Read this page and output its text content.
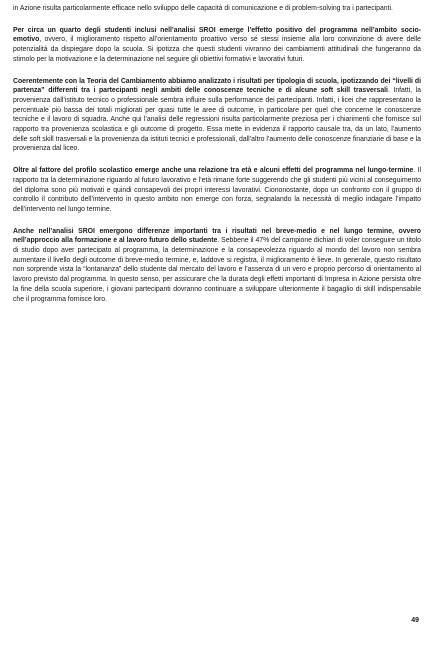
in Azione risulta particolarmente efficace nello sviluppo delle capacità di comunicazione e di problem-solving tra i partecipanti.

Per circa un quarto degli studenti inclusi nell’analisi SROI emerge l’effetto positivo del programma nell’ambito socio-emotivo, ovvero, il miglioramento rispetto all’orientamento proattivo verso sé stessi insieme alla loro convinzione di avere delle potenzialità da dispiegare dopo la scuola. Si ipotizza che questi studenti vivranno dei cambiamenti attitudinali che fungeranno da stimolo per la motivazione e la determinazione nel seguire gli obiettivi formativi e lavorativi futuri.

Coerentemente con la Teoria del Cambiamento abbiamo analizzato i risultati per tipologia di scuola, ipotizzando dei “livelli di partenza” differenti tra i partecipanti negli ambiti delle conoscenze tecniche e di alcune soft skill trasversali. Infatti, la provenienza dall’istituto tecnico o professionale sembra influire sulla performance dei partecipanti. Infatti, i licei che rappresentano la percentuale più bassa dei totali migliorati per quasi tutte le aree di outcome, in particolare per quel che concerne le conoscenze tecniche e il lavoro di squadra. Anche qui l’analisi delle regressioni risulta particolarmente preziosa per i chiarimenti che fornisce sul rapporto tra provenienza scolastica e gli outcome di progetto. Essa mette in evidenza il rapporto causale tra, da un lato, l’aumento delle soft skill trasversali e la provenienza da istituti tecnici e professionali, dall’altro l’aumento delle conoscenze finanziarie di base e la provenienza dal liceo.

Oltre al fattore del profilo scolastico emerge anche una relazione tra età e alcuni effetti del programma nel lungo-termine. Il rapporto tra la determinazione riguardo al futuro lavorativo e l’età rimane forte suggerendo che gli studenti più vicini al conseguimento del diploma sono più motivati e quindi consapevoli dei propri interessi lavorativi. Ciononostante, dopo un confronto con il gruppo di controllo il contributo dell’intervento in questo ambito non emerge con forza, segnalando la necessità di meglio indagare l’impatto dell’intervento nel lungo termine.

Anche nell’analisi SROI emergono differenze importanti tra i risultati nel breve-medio e nel lungo termine, ovvero nell’approccio alla formazione e al lavoro futuro dello studente. Sebbene il 47% del campione dichiari di voler conseguire un titolo di studio dopo aver partecipato al programma, la determinazione e la consapevolezza riguardo al mondo del lavoro non sembra aumentare il livello degli outcome di breve-medio termine, e, laddove si registra, il miglioramento è lieve. In generale, questo risultato non sorprende vista la “lontananza” dello studente dal mercato del lavoro e l’assenza di un vero e proprio percorso di orientamento al lavoro previsto dal programma. In questo senso, per assicurare che la durata degli effetti importanti di Impresa in Azione persista oltre la fine della scuola superiore, i giovani partecipanti dovranno continuare a sviluppare ulteriormente il bagaglio di skill indispensabile che il programma fornisce loro.

49
